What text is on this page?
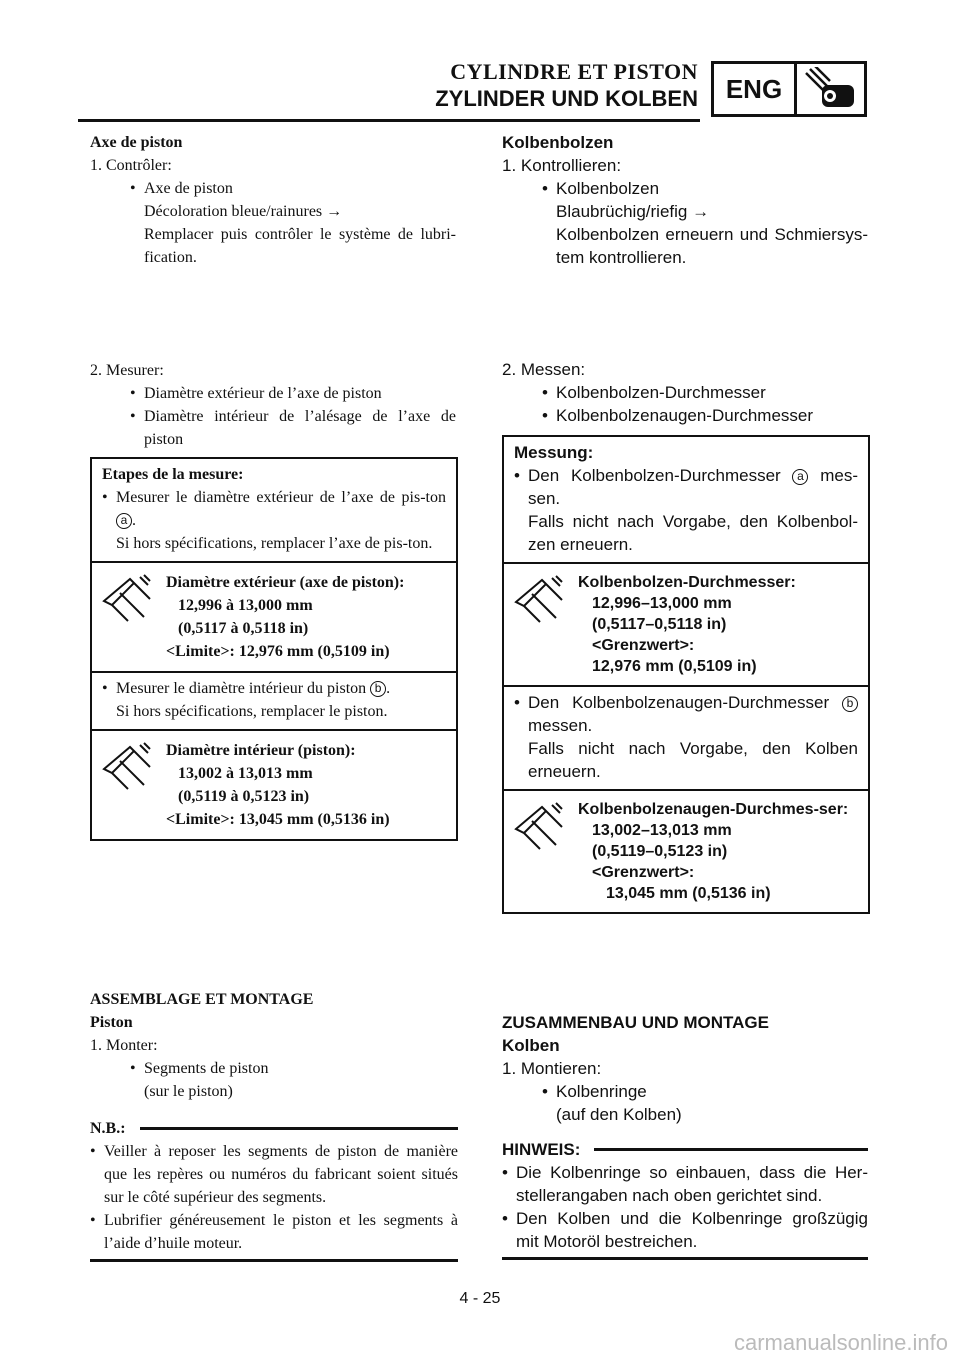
CYLINDRE ET PISTON
ZYLINDER UND KOLBEN	ENG
Axe de piston
1. Contrôler:
• Axe de piston
Décoloration bleue/rainures →
Remplacer puis contrôler le système de lubri-fication.
2. Mesurer:
• Diamètre extérieur de l’axe de piston
• Diamètre intérieur de l’alésage de l’axe de piston
Etapes de la mesure:
• Mesurer le diamètre extérieur de l’axe de pis-ton a .
Si hors spécifications, remplacer l’axe de pis-ton.
Diamètre extérieur (axe de piston):
12,996 à 13,000 mm
(0,5117 à 0,5118 in)
<Limite>: 12,976 mm (0,5109 in)
• Mesurer le diamètre intérieur du piston b .
Si hors spécifications, remplacer le piston.
Diamètre intérieur (piston):
13,002 à 13,013 mm
(0,5119 à 0,5123 in)
<Limite>: 13,045 mm (0,5136 in)
ASSEMBLAGE ET MONTAGE
Piston
1. Monter:
• Segments de piston
(sur le piston)
N.B.:
• Veiller à reposer les segments de piston de manière que les repères ou numéros du fabricant soient situés sur le côté supérieur des segments.
• Lubrifier généreusement le piston et les segments à l’aide d’huile moteur.
Kolbenbolzen
1. Kontrollieren:
• Kolbenbolzen
Blaubrüchig/riefig →
Kolbenbolzen erneuern und Schmiersys-tem kontrollieren.
2. Messen:
• Kolbenbolzen-Durchmesser
• Kolbenbolzenaugen-Durchmesser
Messung:
• Den Kolbenbolzen-Durchmesser a mes-sen.
Falls nicht nach Vorgabe, den Kolbenbol-zen erneuern.
Kolbenbolzen-Durchmesser:
12,996–13,000 mm
(0,5117–0,5118 in)
<Grenzwert>:
12,976 mm (0,5109 in)
• Den Kolbenbolzenaugen-Durchmesser b messen.
Falls nicht nach Vorgabe, den Kolben erneuern.
Kolbenbolzenaugen-Durchmes-ser:
13,002–13,013 mm
(0,5119–0,5123 in)
<Grenzwert>:
13,045 mm (0,5136 in)
ZUSAMMENBAU UND MONTAGE
Kolben
1. Montieren:
• Kolbenringe
(auf den Kolben)
HINWEIS:
• Die Kolbenringe so einbauen, dass die Her-stellerangaben nach oben gerichtet sind.
• Den Kolben und die Kolbenringe großzügig mit Motoröl bestreichen.
4 - 25
carmanualsonline.info
